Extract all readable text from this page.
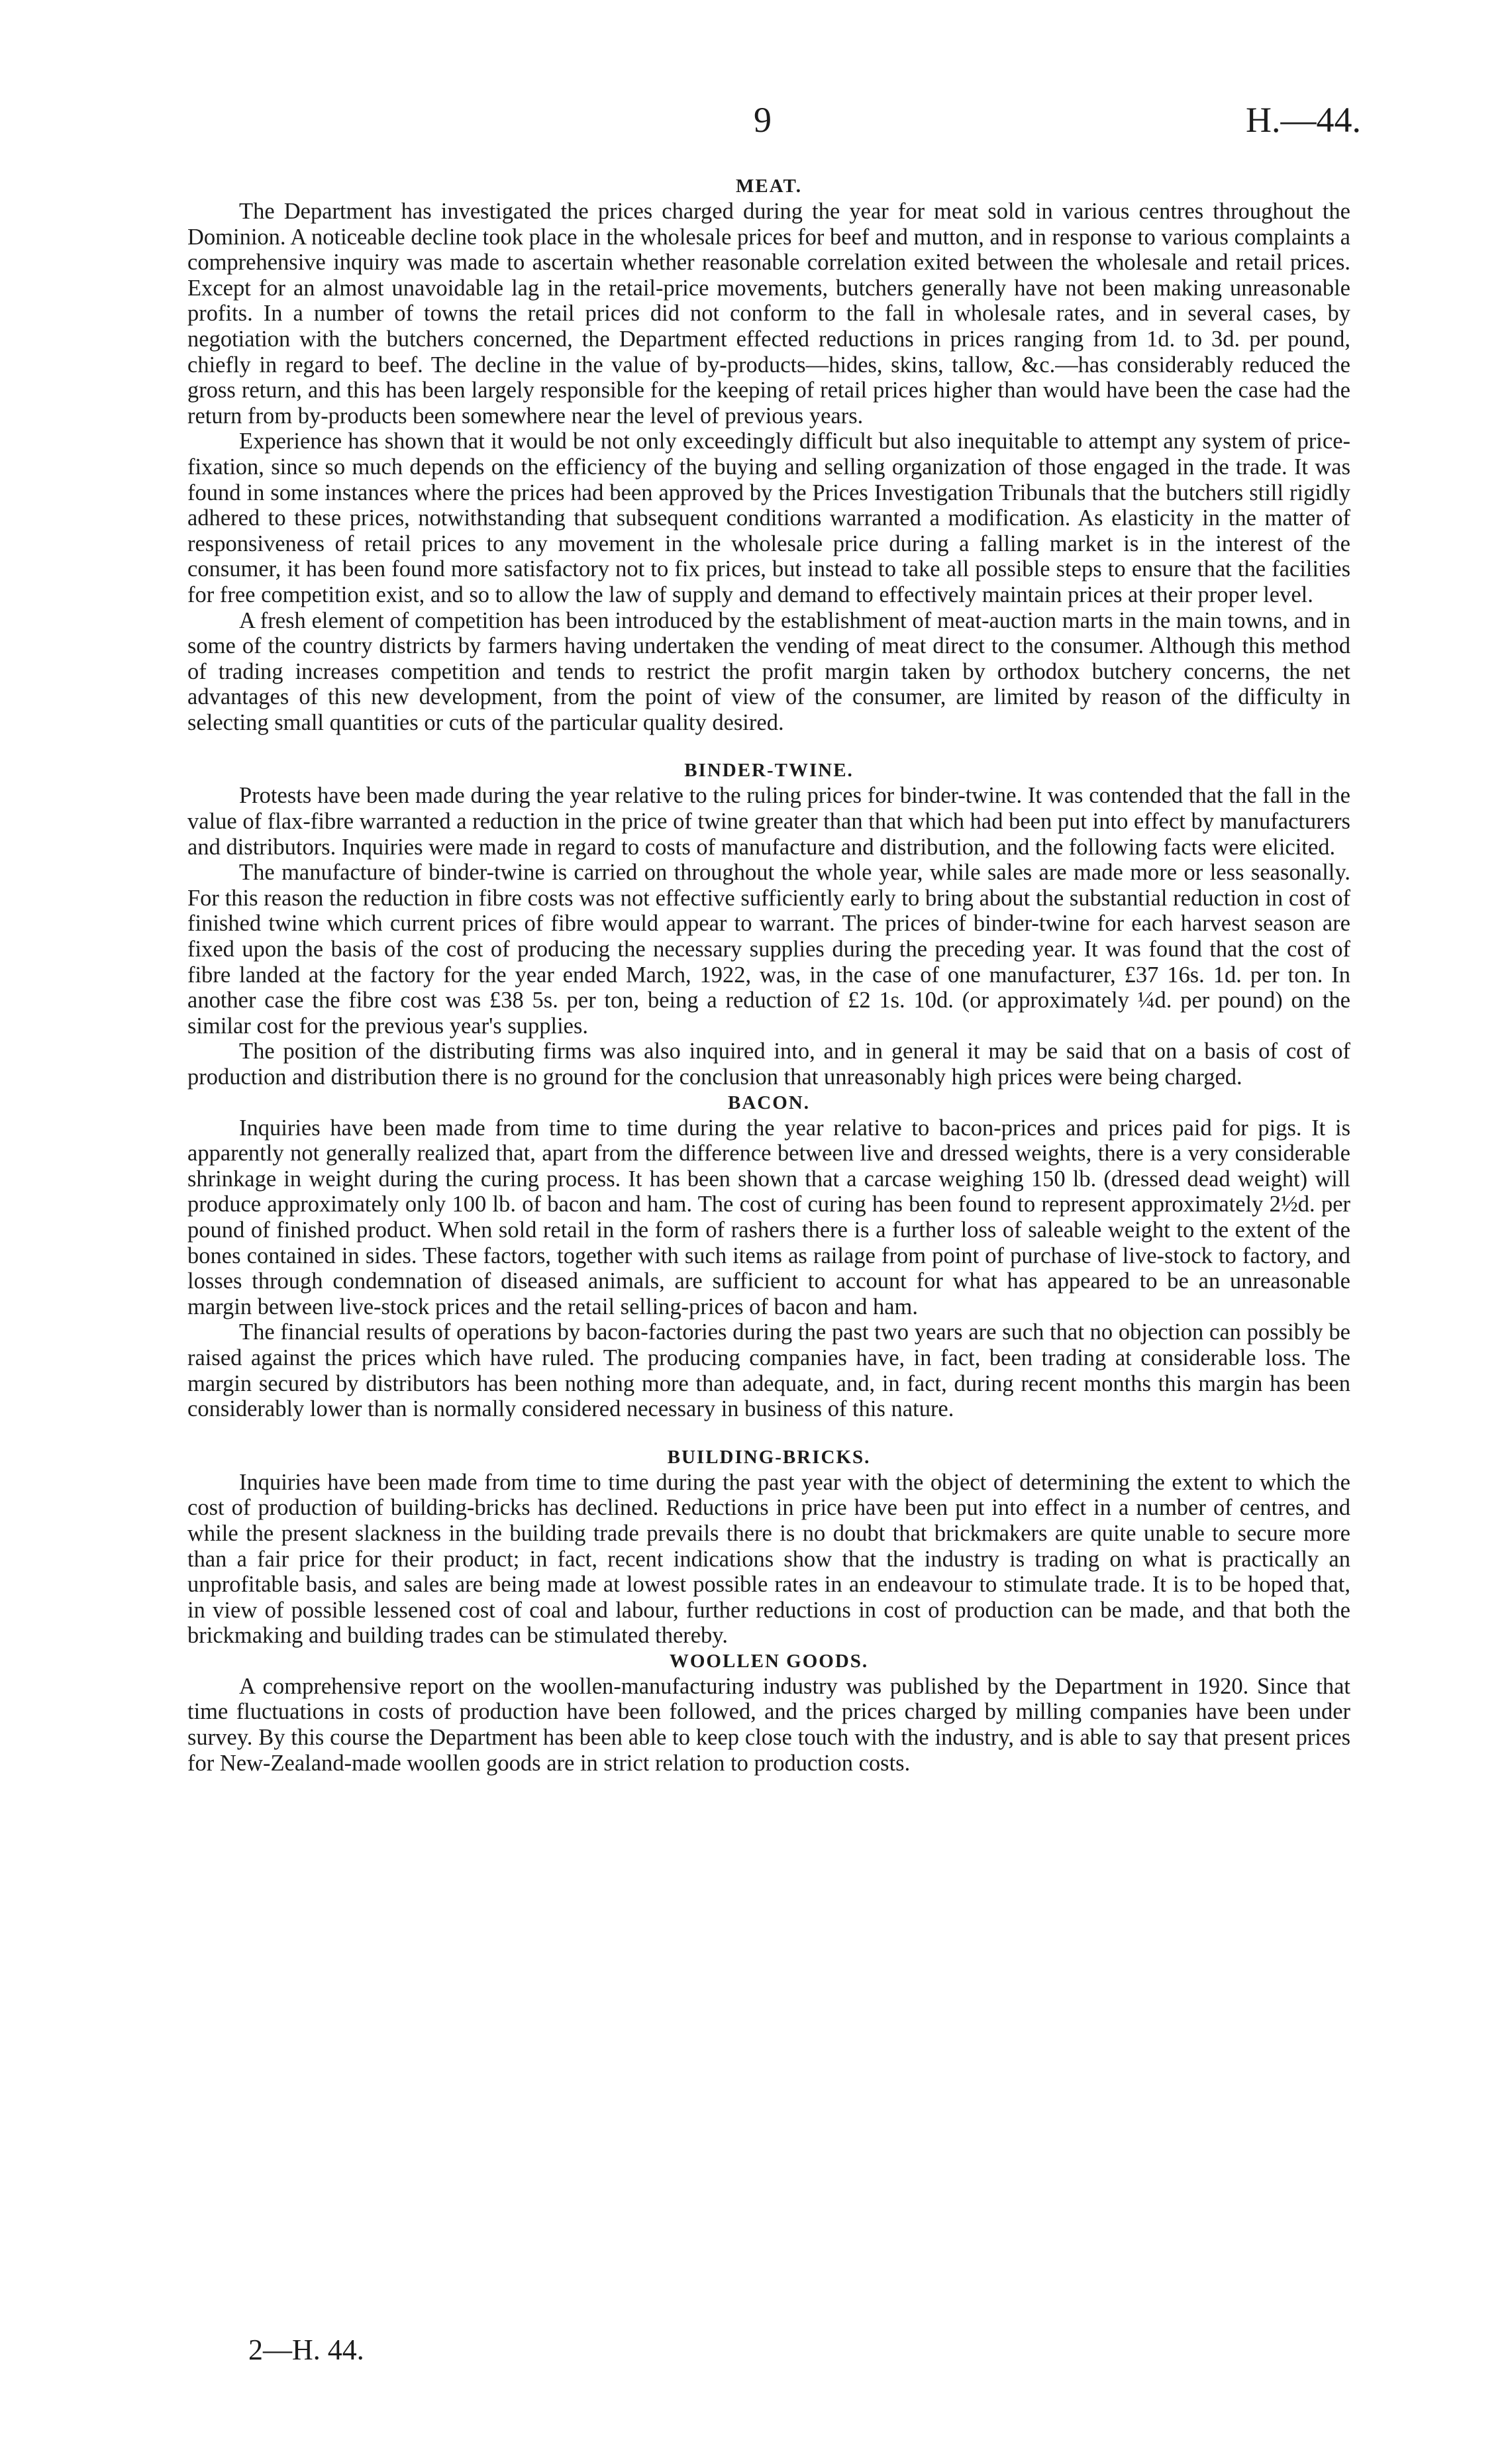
9	H.—44.
MEAT.

The Department has investigated the prices charged during the year for meat sold in various centres throughout the Dominion. A noticeable decline took place in the wholesale prices for beef and mutton, and in response to various complaints a comprehensive inquiry was made to ascertain whether reasonable correlation exited between the wholesale and retail prices. Except for an almost unavoidable lag in the retail-price movements, butchers generally have not been making unreasonable profits. In a number of towns the retail prices did not conform to the fall in wholesale rates, and in several cases, by negotiation with the butchers concerned, the Department effected reductions in prices ranging from 1d. to 3d. per pound, chiefly in regard to beef. The decline in the value of by-products—hides, skins, tallow, &c.—has considerably reduced the gross return, and this has been largely responsible for the keeping of retail prices higher than would have been the case had the return from by-products been somewhere near the level of previous years.

Experience has shown that it would be not only exceedingly difficult but also inequitable to attempt any system of price-fixation, since so much depends on the efficiency of the buying and selling organization of those engaged in the trade. It was found in some instances where the prices had been approved by the Prices Investigation Tribunals that the butchers still rigidly adhered to these prices, notwithstanding that subsequent conditions warranted a modification. As elasticity in the matter of responsiveness of retail prices to any movement in the wholesale price during a falling market is in the interest of the consumer, it has been found more satisfactory not to fix prices, but instead to take all possible steps to ensure that the facilities for free competition exist, and so to allow the law of supply and demand to effectively maintain prices at their proper level.

A fresh element of competition has been introduced by the establishment of meat-auction marts in the main towns, and in some of the country districts by farmers having undertaken the vending of meat direct to the consumer. Although this method of trading increases competition and tends to restrict the profit margin taken by orthodox butchery concerns, the net advantages of this new development, from the point of view of the consumer, are limited by reason of the difficulty in selecting small quantities or cuts of the particular quality desired.

BINDER-TWINE.

Protests have been made during the year relative to the ruling prices for binder-twine. It was contended that the fall in the value of flax-fibre warranted a reduction in the price of twine greater than that which had been put into effect by manufacturers and distributors. Inquiries were made in regard to costs of manufacture and distribution, and the following facts were elicited.

The manufacture of binder-twine is carried on throughout the whole year, while sales are made more or less seasonally. For this reason the reduction in fibre costs was not effective sufficiently early to bring about the substantial reduction in cost of finished twine which current prices of fibre would appear to warrant. The prices of binder-twine for each harvest season are fixed upon the basis of the cost of producing the necessary supplies during the preceding year. It was found that the cost of fibre landed at the factory for the year ended March, 1922, was, in the case of one manufacturer, £37 16s. 1d. per ton. In another case the fibre cost was £38 5s. per ton, being a reduction of £2 1s. 10d. (or approximately ¼d. per pound) on the similar cost for the previous year's supplies.

The position of the distributing firms was also inquired into, and in general it may be said that on a basis of cost of production and distribution there is no ground for the conclusion that unreasonably high prices were being charged.

BACON.

Inquiries have been made from time to time during the year relative to bacon-prices and prices paid for pigs. It is apparently not generally realized that, apart from the difference between live and dressed weights, there is a very considerable shrinkage in weight during the curing process. It has been shown that a carcase weighing 150 lb. (dressed dead weight) will produce approximately only 100 lb. of bacon and ham. The cost of curing has been found to represent approximately 2½d. per pound of finished product. When sold retail in the form of rashers there is a further loss of saleable weight to the extent of the bones contained in sides. These factors, together with such items as railage from point of purchase of live-stock to factory, and losses through condemnation of diseased animals, are sufficient to account for what has appeared to be an unreasonable margin between live-stock prices and the retail selling-prices of bacon and ham.

The financial results of operations by bacon-factories during the past two years are such that no objection can possibly be raised against the prices which have ruled. The producing companies have, in fact, been trading at considerable loss. The margin secured by distributors has been nothing more than adequate, and, in fact, during recent months this margin has been considerably lower than is normally considered necessary in business of this nature.

BUILDING-BRICKS.

Inquiries have been made from time to time during the past year with the object of determining the extent to which the cost of production of building-bricks has declined. Reductions in price have been put into effect in a number of centres, and while the present slackness in the building trade prevails there is no doubt that brickmakers are quite unable to secure more than a fair price for their product; in fact, recent indications show that the industry is trading on what is practically an unprofitable basis, and sales are being made at lowest possible rates in an endeavour to stimulate trade. It is to be hoped that, in view of possible lessened cost of coal and labour, further reductions in cost of production can be made, and that both the brickmaking and building trades can be stimulated thereby.

WOOLLEN GOODS.

A comprehensive report on the woollen-manufacturing industry was published by the Department in 1920. Since that time fluctuations in costs of production have been followed, and the prices charged by milling companies have been under survey. By this course the Department has been able to keep close touch with the industry, and is able to say that present prices for New-Zealand-made woollen goods are in strict relation to production costs.

2—H. 44.
